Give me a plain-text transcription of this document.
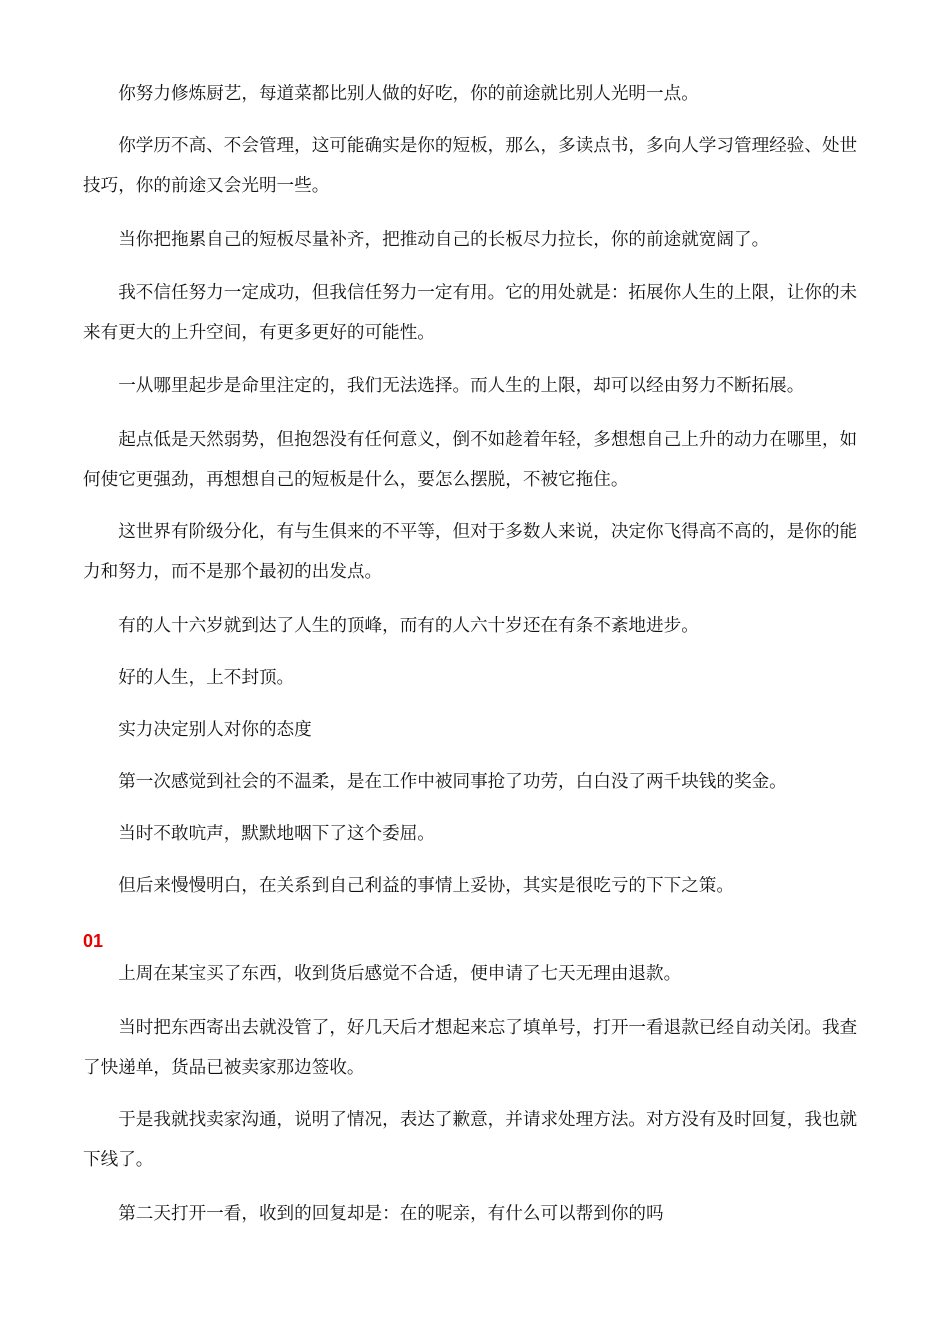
你努力修炼厨艺，每道菜都比别人做的好吃，你的前途就比别人光明一点。

你学历不高、不会管理，这可能确实是你的短板，那么，多读点书，多向人学习管理经验、处世技巧，你的前途又会光明一些。

当你把拖累自己的短板尽量补齐，把推动自己的长板尽力拉长，你的前途就宽阔了。

我不信任努力一定成功，但我信任努力一定有用。它的用处就是：拓展你人生的上限，让你的未来有更大的上升空间，有更多更好的可能性。

一从哪里起步是命里注定的，我们无法选择。而人生的上限，却可以经由努力不断拓展。

起点低是天然弱势，但抱怨没有任何意义，倒不如趁着年轻，多想想自己上升的动力在哪里，如何使它更强劲，再想想自己的短板是什么，要怎么摆脱，不被它拖住。

这世界有阶级分化，有与生俱来的不平等，但对于多数人来说，决定你飞得高不高的，是你的能力和努力，而不是那个最初的出发点。

有的人十六岁就到达了人生的顶峰，而有的人六十岁还在有条不紊地进步。

好的人生，上不封顶。

实力决定别人对你的态度

第一次感觉到社会的不温柔，是在工作中被同事抢了功劳，白白没了两千块钱的奖金。

当时不敢吭声，默默地咽下了这个委屈。

但后来慢慢明白，在关系到自己利益的事情上妥协，其实是很吃亏的下下之策。

01

上周在某宝买了东西，收到货后感觉不合适，便申请了七天无理由退款。

当时把东西寄出去就没管了，好几天后才想起来忘了填单号，打开一看退款已经自动关闭。我查了快递单，货品已被卖家那边签收。

于是我就找卖家沟通，说明了情况，表达了歉意，并请求处理方法。对方没有及时回复，我也就下线了。

第二天打开一看，收到的回复却是：在的呢亲，有什么可以帮到你的吗
